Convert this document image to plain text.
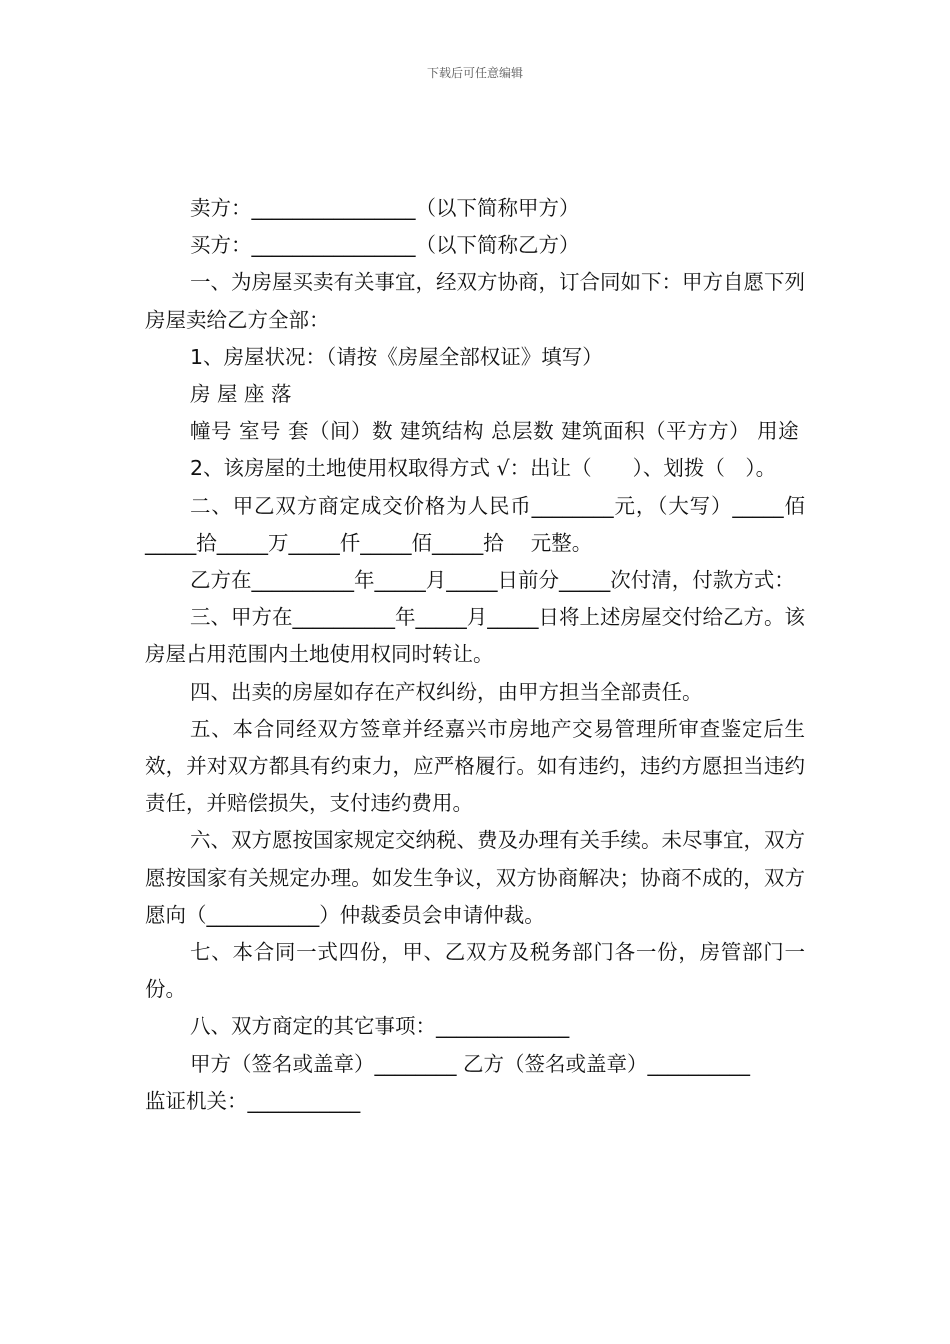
下载后可任意编辑

卖方：________________（以下简称甲方）

买方：________________（以下简称乙方）

一、为房屋买卖有关事宜，经双方协商，订合同如下：甲方自愿下列房屋卖给乙方全部：

1、房屋状况：（请按《房屋全部权证》填写）

房 屋 座 落

幢号 室号 套（间）数 建筑结构 总层数 建筑面积（平方方） 用途

2、该房屋的土地使用权取得方式 √：出让（　　）、划拨（　）。

二、甲乙双方商定成交价格为人民币________元，（大写）_____佰_____拾_____万_____仟_____佰_____拾　 元整。

乙方在__________年_____月_____日前分_____次付清，付款方式：

三、甲方在__________年_____月_____日将上述房屋交付给乙方。该房屋占用范围内土地使用权同时转让。

四、出卖的房屋如存在产权纠纷，由甲方担当全部责任。

五、本合同经双方签章并经嘉兴市房地产交易管理所审查鉴定后生效，并对双方都具有约束力，应严格履行。如有违约，违约方愿担当违约责任，并赔偿损失，支付违约费用。

六、双方愿按国家规定交纳税、费及办理有关手续。未尽事宜，双方愿按国家有关规定办理。如发生争议，双方协商解决；协商不成的，双方愿向（___________）仲裁委员会申请仲裁。

七、本合同一式四份，甲、乙双方及税务部门各一份，房管部门一份。

八、双方商定的其它事项：_____________

甲方（签名或盖章）________ 乙方（签名或盖章）__________

监证机关：___________
